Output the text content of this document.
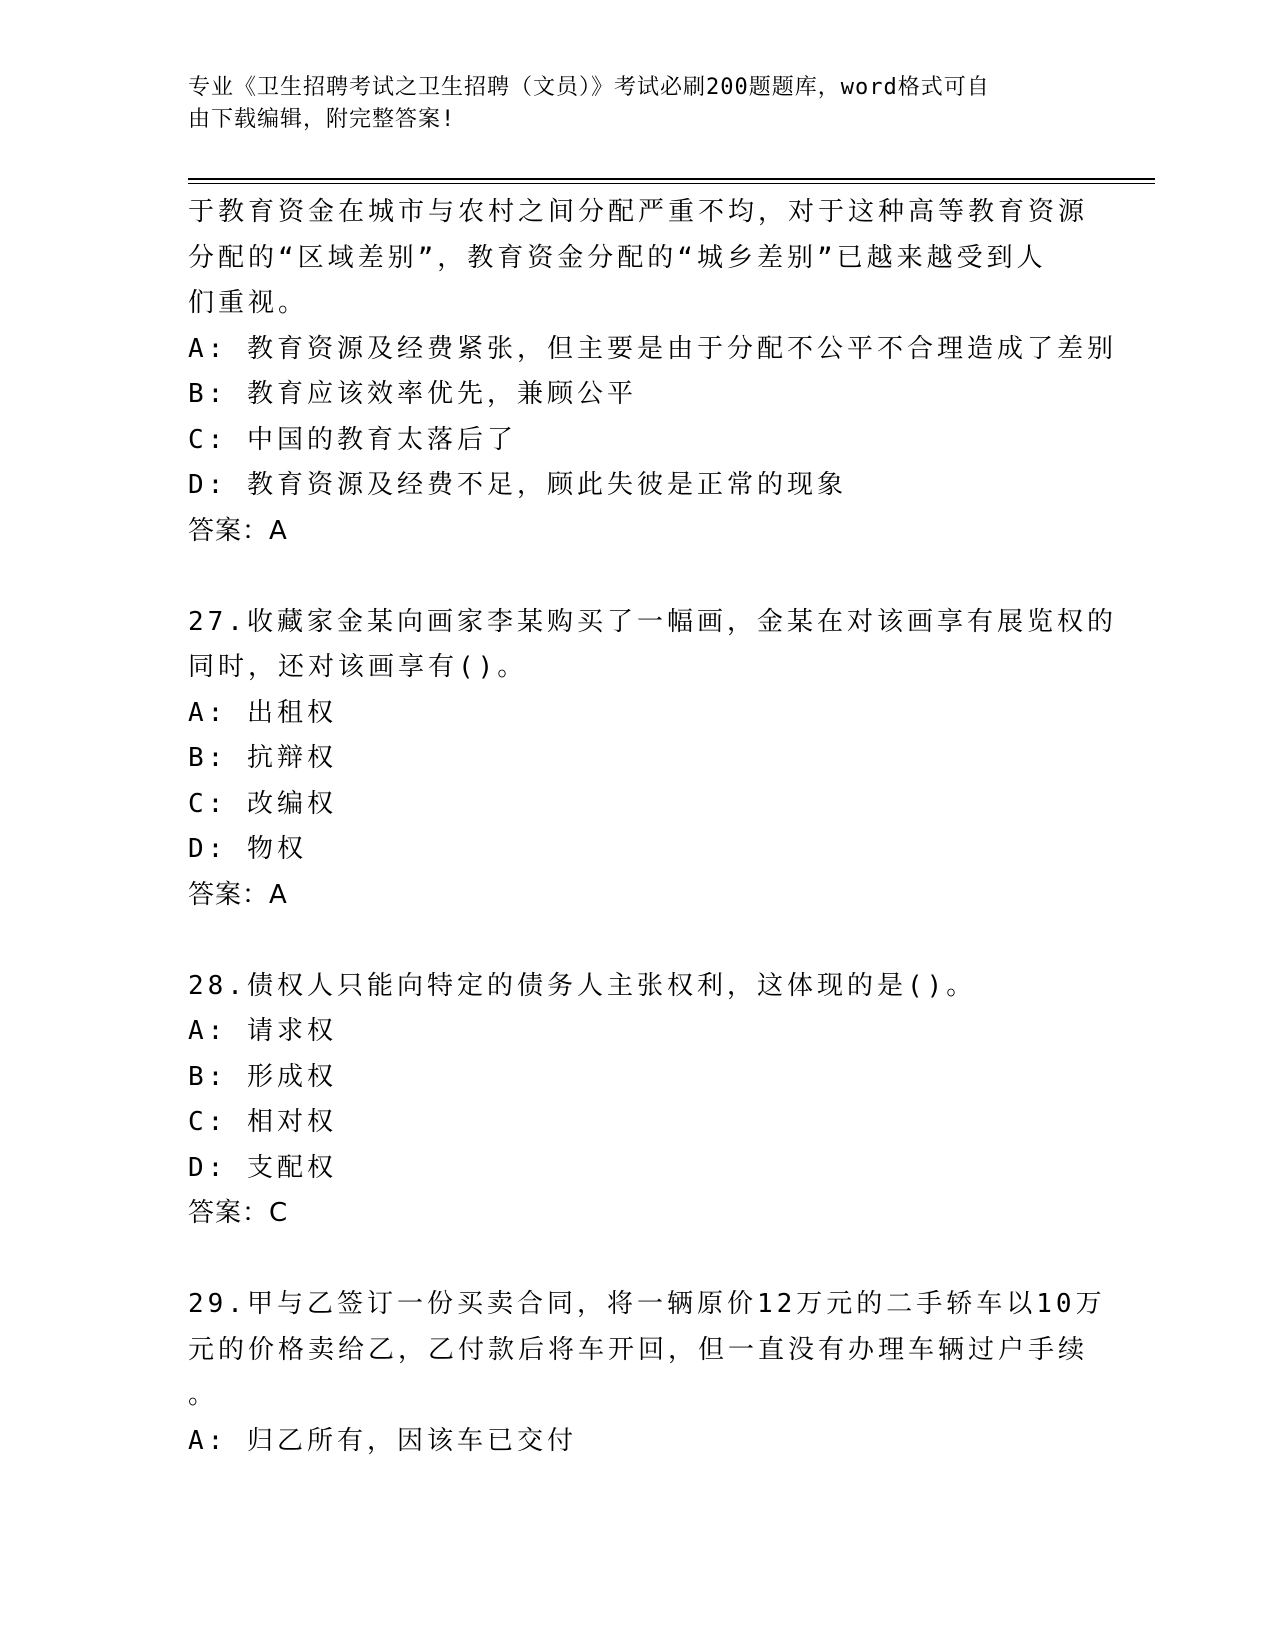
专业《卫生招聘考试之卫生招聘（文员）》考试必刷200题题库，word格式可自
由下载编辑，附完整答案!
于教育资金在城市与农村之间分配严重不均，对于这种高等教育资源
分配的“区域差别”，教育资金分配的“城乡差别”已越来越受到人
们重视。
A: 教育资源及经费紧张，但主要是由于分配不公平不合理造成了差别
B: 教育应该效率优先，兼顾公平
C: 中国的教育太落后了
D: 教育资源及经费不足，顾此失彼是正常的现象
答案：A
27.收藏家金某向画家李某购买了一幅画，金某在对该画享有展览权的
同时，还对该画享有()。
A: 出租权
B: 抗辩权
C: 改编权
D: 物权
答案：A
28.债权人只能向特定的债务人主张权利，这体现的是()。
A: 请求权
B: 形成权
C: 相对权
D: 支配权
答案：C
29.甲与乙签订一份买卖合同，将一辆原价12万元的二手轿车以10万
元的价格卖给乙，乙付款后将车开回，但一直没有办理车辆过户手续
。
A: 归乙所有，因该车已交付
